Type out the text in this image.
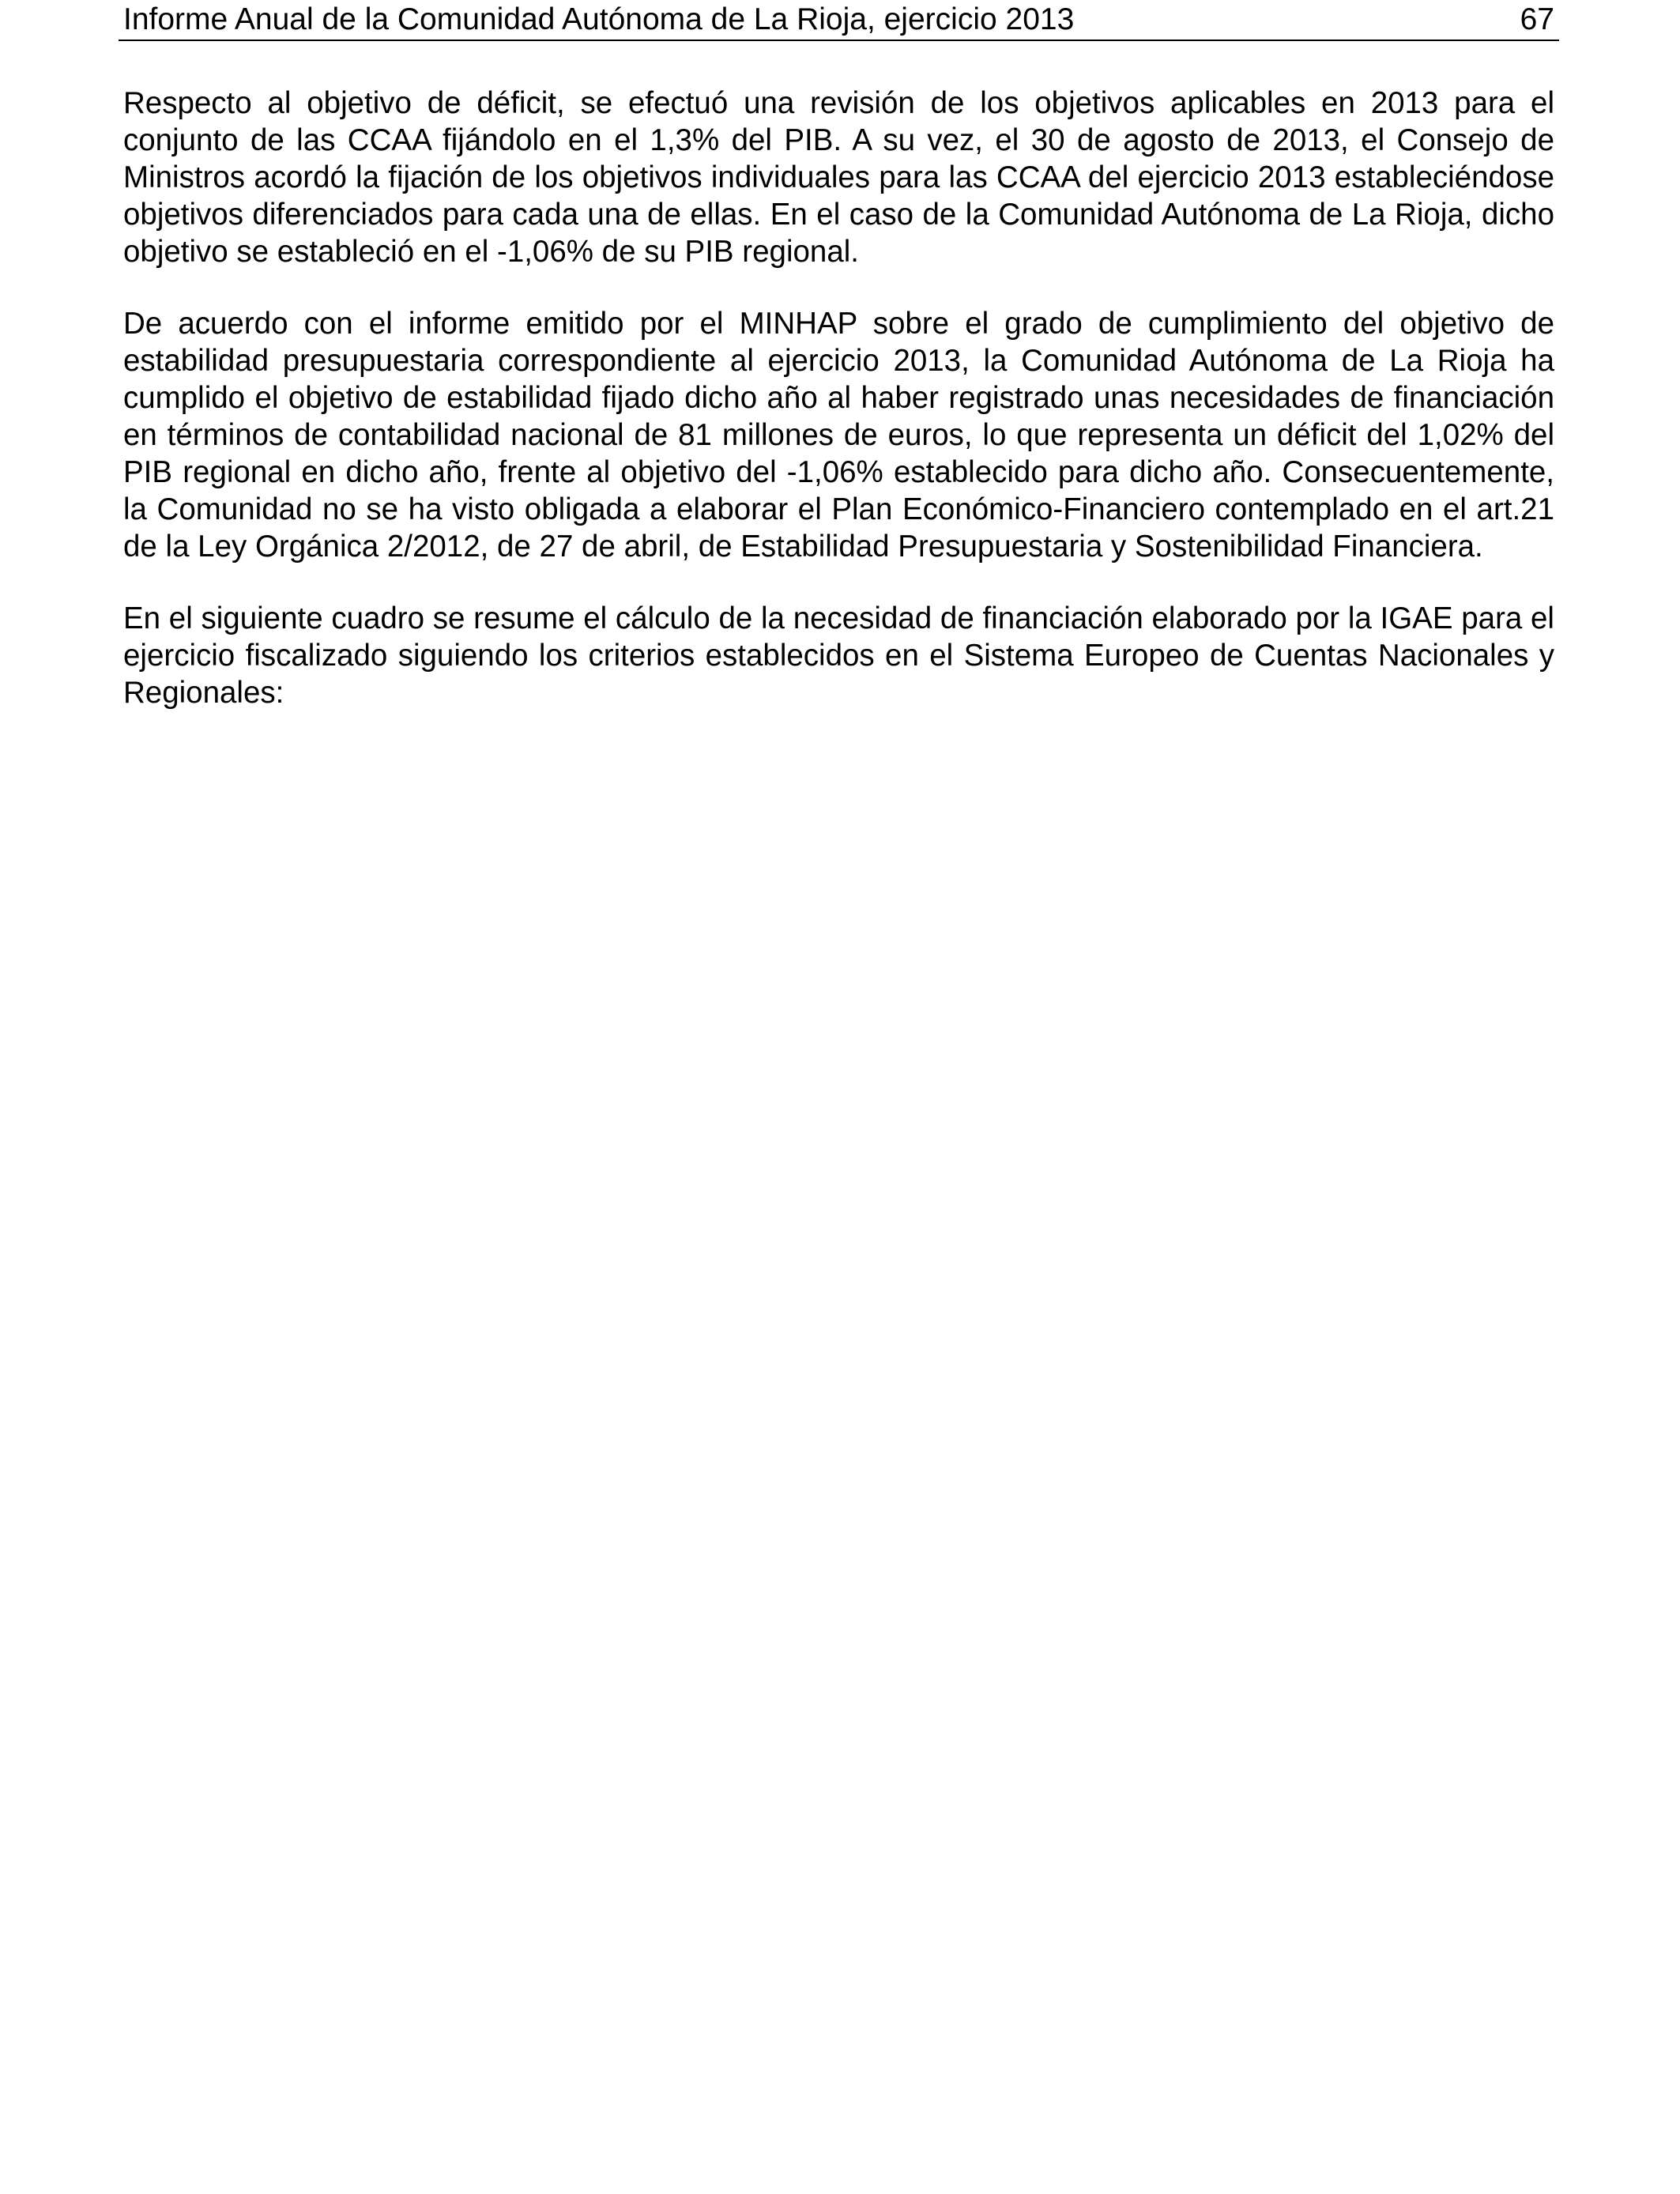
Informe Anual de la Comunidad Autónoma de La Rioja, ejercicio 2013	67

Respecto al objetivo de déficit, se efectuó una revisión de los objetivos aplicables en 2013 para el conjunto de las CCAA fijándolo en el 1,3% del PIB. A su vez, el 30 de agosto de 2013, el Consejo de Ministros acordó la fijación de los objetivos individuales para las CCAA del ejercicio 2013 estableciéndose objetivos diferenciados para cada una de ellas. En el caso de la Comunidad Autónoma de La Rioja, dicho objetivo se estableció en el -1,06% de su PIB regional.

De acuerdo con el informe emitido por el MINHAP sobre el grado de cumplimiento del objetivo de estabilidad presupuestaria correspondiente al ejercicio 2013, la Comunidad Autónoma de La Rioja ha cumplido el objetivo de estabilidad fijado dicho año al haber registrado unas necesidades de financiación en términos de contabilidad nacional de 81 millones de euros, lo que representa un déficit del 1,02% del PIB regional en dicho año, frente al objetivo del -1,06% establecido para dicho año. Consecuentemente, la Comunidad no se ha visto obligada a elaborar el Plan Económico-Financiero contemplado en el art.21 de la Ley Orgánica 2/2012, de 27 de abril, de Estabilidad Presupuestaria y Sostenibilidad Financiera.

En el siguiente cuadro se resume el cálculo de la necesidad de financiación elaborado por la IGAE para el ejercicio fiscalizado siguiendo los criterios establecidos en el Sistema Europeo de Cuentas Nacionales y Regionales:
